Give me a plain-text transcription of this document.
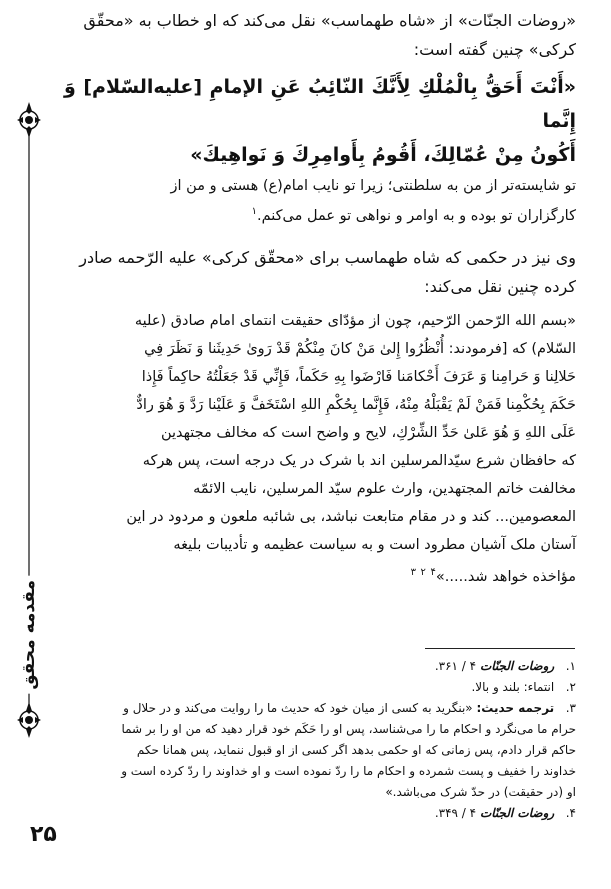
مقدمه محقق

«روضات الجنّات» از «شاه طهماسب» نقل می‌کند که او خطاب به «محقّق

کرکی» چنین گفته است:

«أَنْتَ أَحَقُّ بِالْمُلْكِ لِأَنَّكَ النّائِبُ عَنِ الإمامِ [علیه‌السّلام] وَ إِنَّما

أَكُونُ مِنْ عُمّالِكَ، أَقُومُ بِأَوامِرِكَ وَ نَواهِيكَ»

تو شایسته‌تر از من به سلطنتی؛ زیرا تو نایب امام(ع) هستی و من از

کارگزاران تو بوده و به اوامر و نواهی تو عمل می‌کنم.$^۱$

وی نیز در حکمی که شاه طهماسب برای «محقّق کرکی» علیه الرّحمه صادر

کرده چنین نقل می‌کند:

«بسم الله الرّحمن الرّحيم، چون از مؤدّای حقیقت انتمای امام صادق (علیه

السّلام) که [فرمودند: أُنْظُرُوا إِلىٰ مَنْ كانَ مِنْكُمْ قَدْ رَوىٰ حَدِيثَنا وَ نَظَرَ فِي

حَلالِنا وَ حَرامِنا وَ عَرَفَ أَحْكامَنا فَارْضَوا بِهِ حَكَماً، فَإِنِّي قَدْ جَعَلْتُهُ حاكِماً فَإِذا

حَكَمَ بِحُكْمِنا فَمَنْ لَمْ يَقْبَلْهُ مِنْهُ، فَإِنَّما بِحُكْمِ اللهِ اسْتَخَفَّ وَ عَلَيْنا رَدَّ وَ هُوَ رادٌّ

عَلَى اللهِ وَ هُوَ عَلىٰ حَدِّ الشِّرْكِ، لایح و واضح است که مخالف مجتهدین

که حافظان شرع سیّدالمرسلین اند با شرک در یک درجه است، پس هرکه

مخالفت خاتم المجتهدین، وارث علوم سیّد المرسلین، نایب الائمّه

المعصومین... کند و در مقام متابعت نباشد، بی شائبه ملعون و مردود در این

آستان ملک آشیان مطرود است و به سیاست عظیمه و تأدیبات بلیغه

مؤاخذه خواهد شد.....»$^۴$ $^۲$ $^۳$

۱. روضات الجنّات ۴ / ۳۶۱.

۲. انتماء: بلند و بالا.

۳. ترجمه حدیث: «بنگرید به کسی از میان خود که حدیث ما را روایت می‌کند و در حلال و

حرام ما می‌نگرد و احکام ما را می‌شناسد، پس او را حَکَم خود قرار دهید که من او را بر شما

حاکم قرار دادم، پس زمانی که او حکمی بدهد اگر کسی از او قبول ننماید، پس همانا حکم

خداوند را خفیف و پست شمرده و احکام ما را ردّ نموده است و او خداوند را ردّ کرده است و

او (در حقیقت) در حدّ شرک می‌باشد.»

۴. روضات الجنّات ۴ / ۳۴۹.

۲۵
